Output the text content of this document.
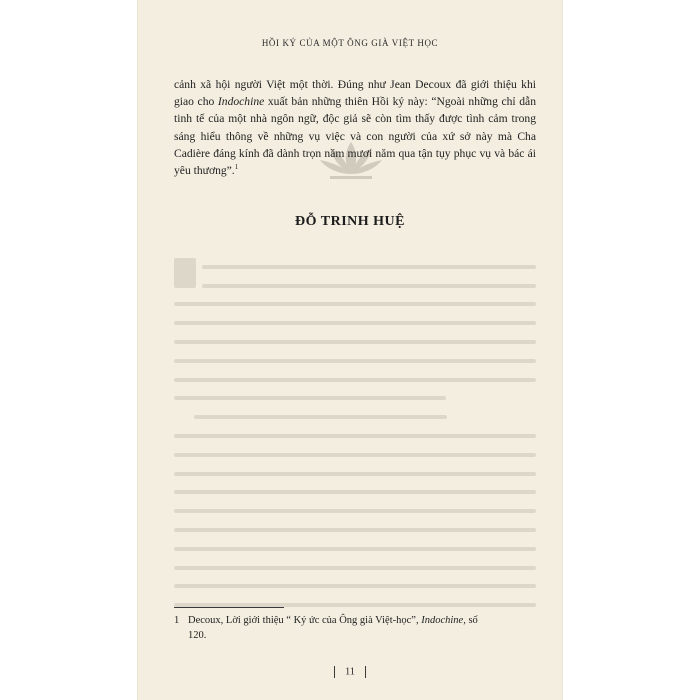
HỒI KÝ CỦA MỘT ÔNG GIÀ VIỆT HỌC

cảnh xã hội người Việt một thời. Đúng như Jean Decoux đã giới thiệu khi giao cho Indochine xuất bản những thiên Hồi ký này: “Ngoài những chỉ dẫn tinh tế của một nhà ngôn ngữ, độc giả sẽ còn tìm thấy được tình cảm trong sáng hiểu thông về những vụ việc và con người của xứ sở này mà Cha Cadière đáng kính đã dành trọn năm mươi năm qua tận tụy phục vụ và bác ái yêu thương”.$^1$

ĐỖ TRINH HUỆ
1 Decoux, Lời giới thiệu “ Ký ức của Ông già Việt-học”, Indochine, số
120.
11
